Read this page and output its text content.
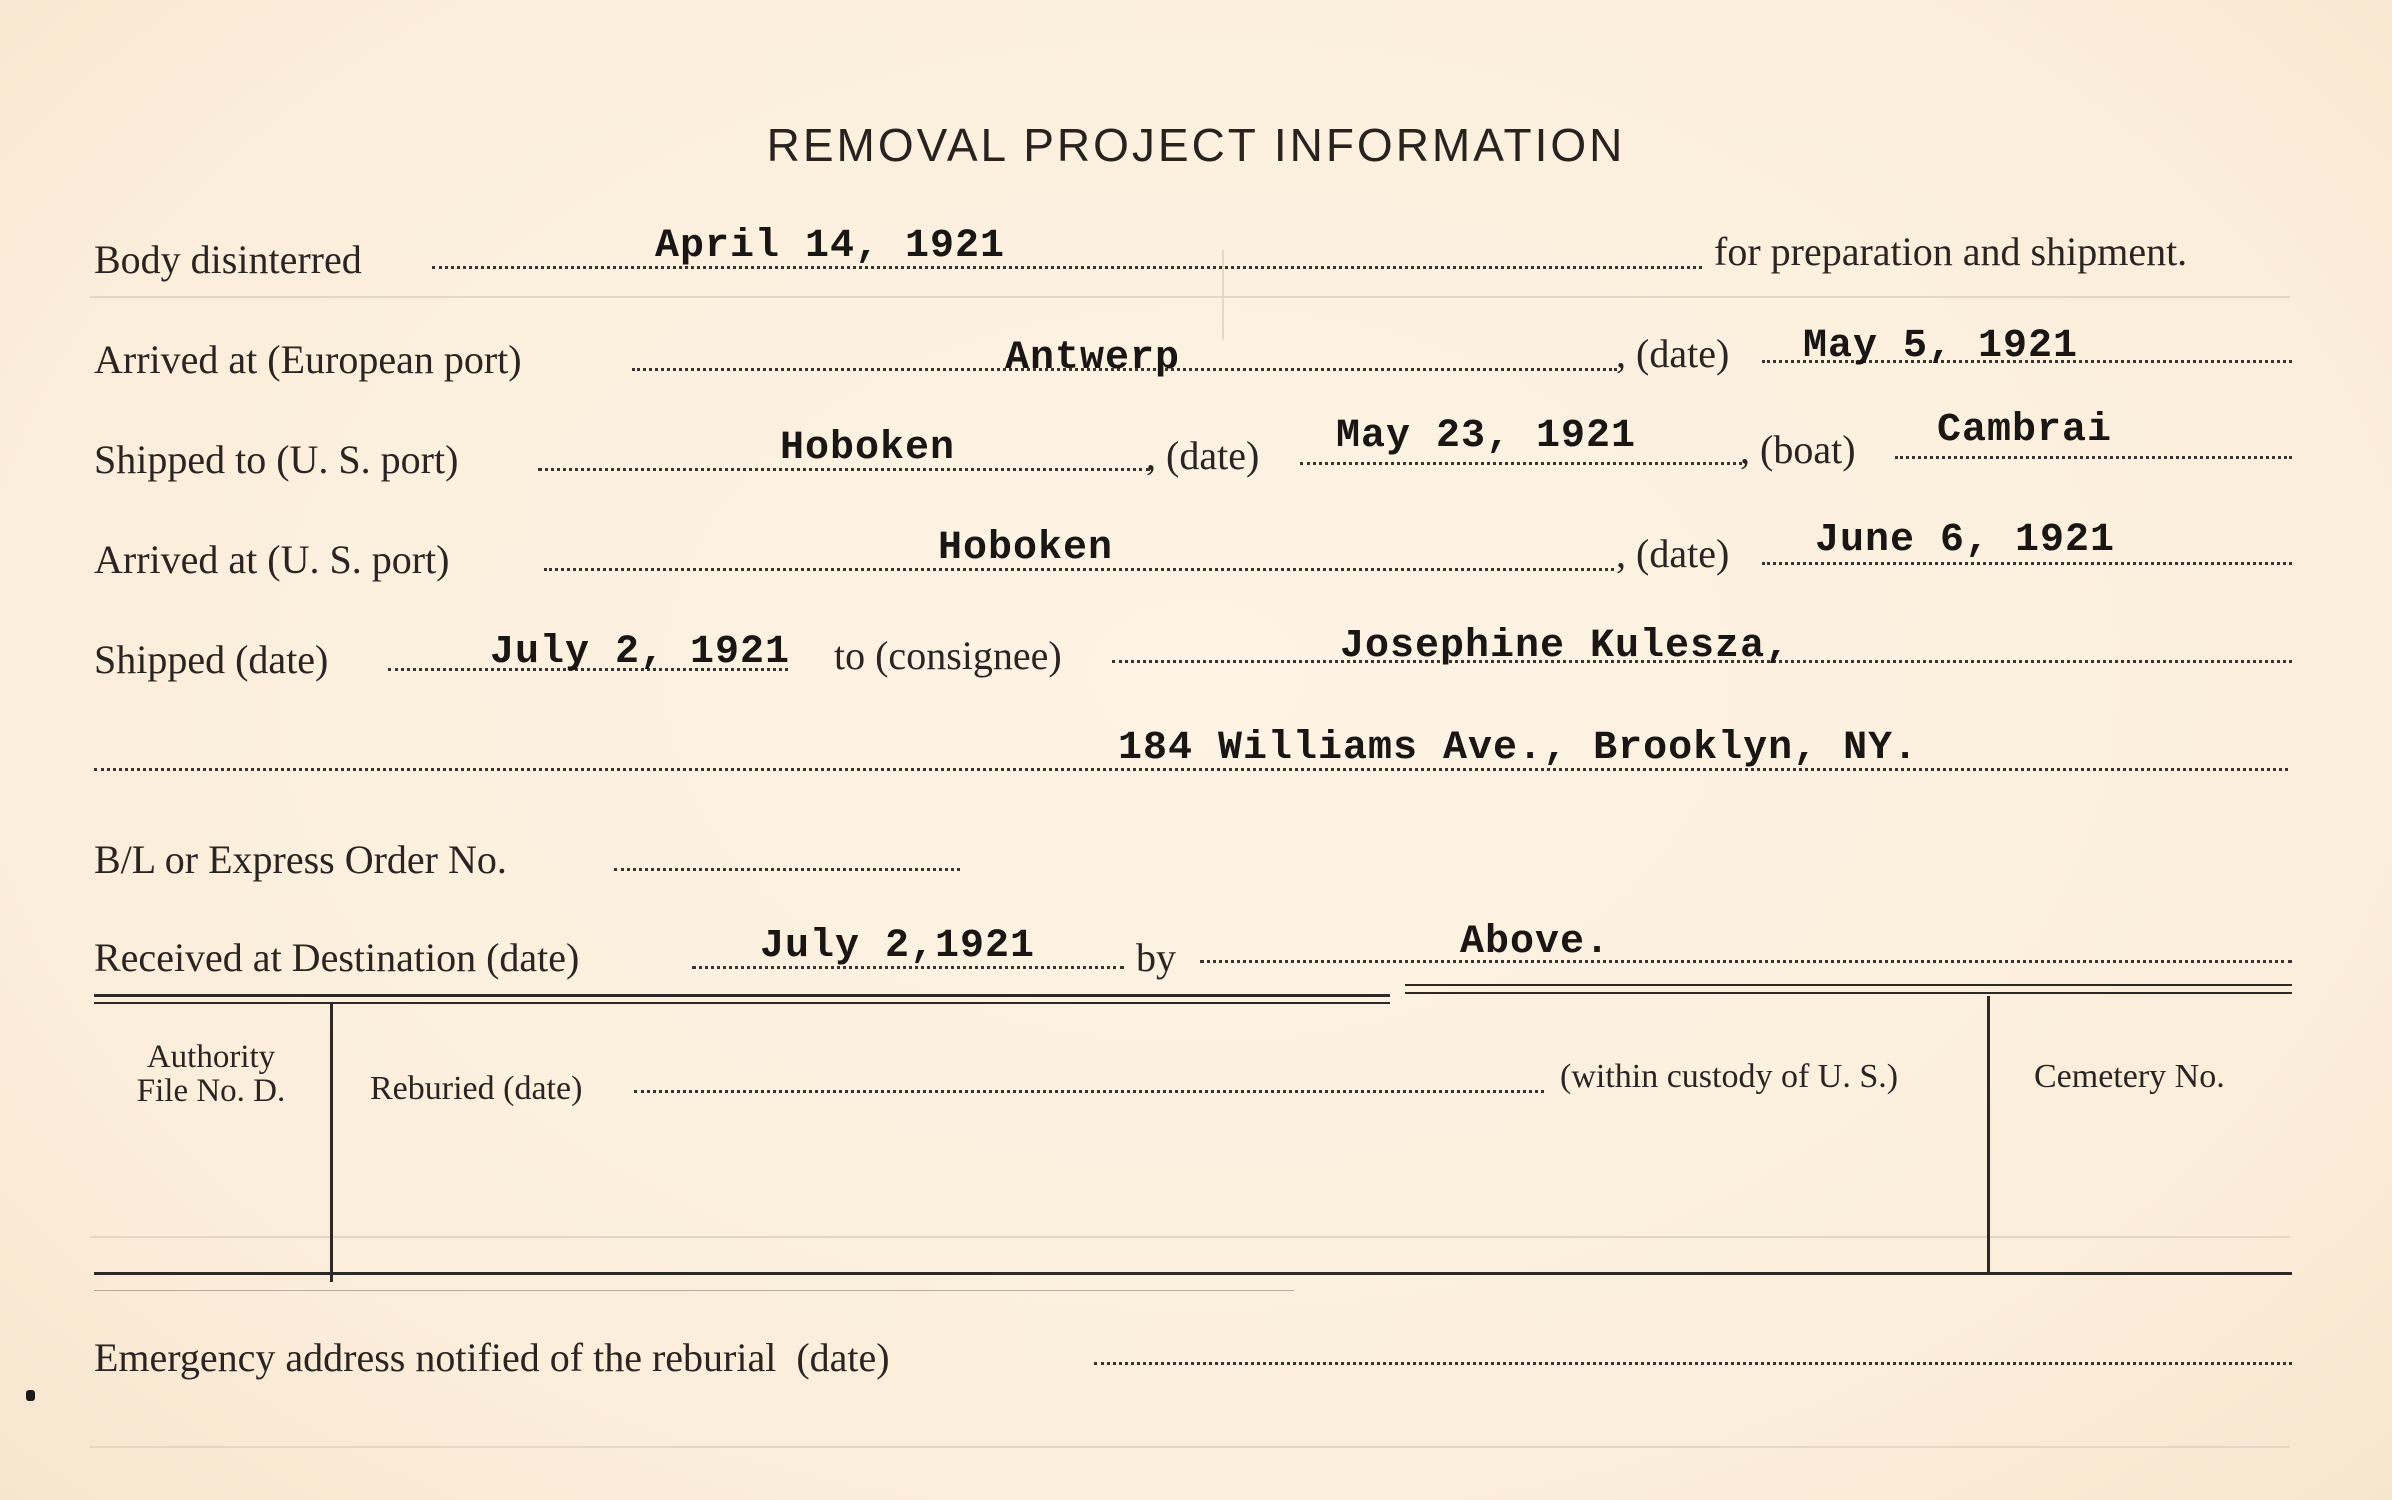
REMOVAL PROJECT INFORMATION
Body disinterred	April 14, 1921	for preparation and shipment.
Arrived at (European port)	Antwerp	, (date) May 5, 1921
Shipped to (U. S. port)	Hoboken	, (date) May 23, 1921	, (boat) Cambrai
Arrived at (U. S. port)	Hoboken	, (date) June 6, 1921
Shipped (date)	July 2, 1921 to (consignee)	Josephine Kulesza,
184 Williams Ave., Brooklyn, NY.
B/L or Express Order No.
Received at Destination (date)	July 2,1921	by	Above.
Authority
File No. D.	Reburied (date)	(within custody of U. S.)	Cemetery No.
Emergency address notified of the reburial  (date)
